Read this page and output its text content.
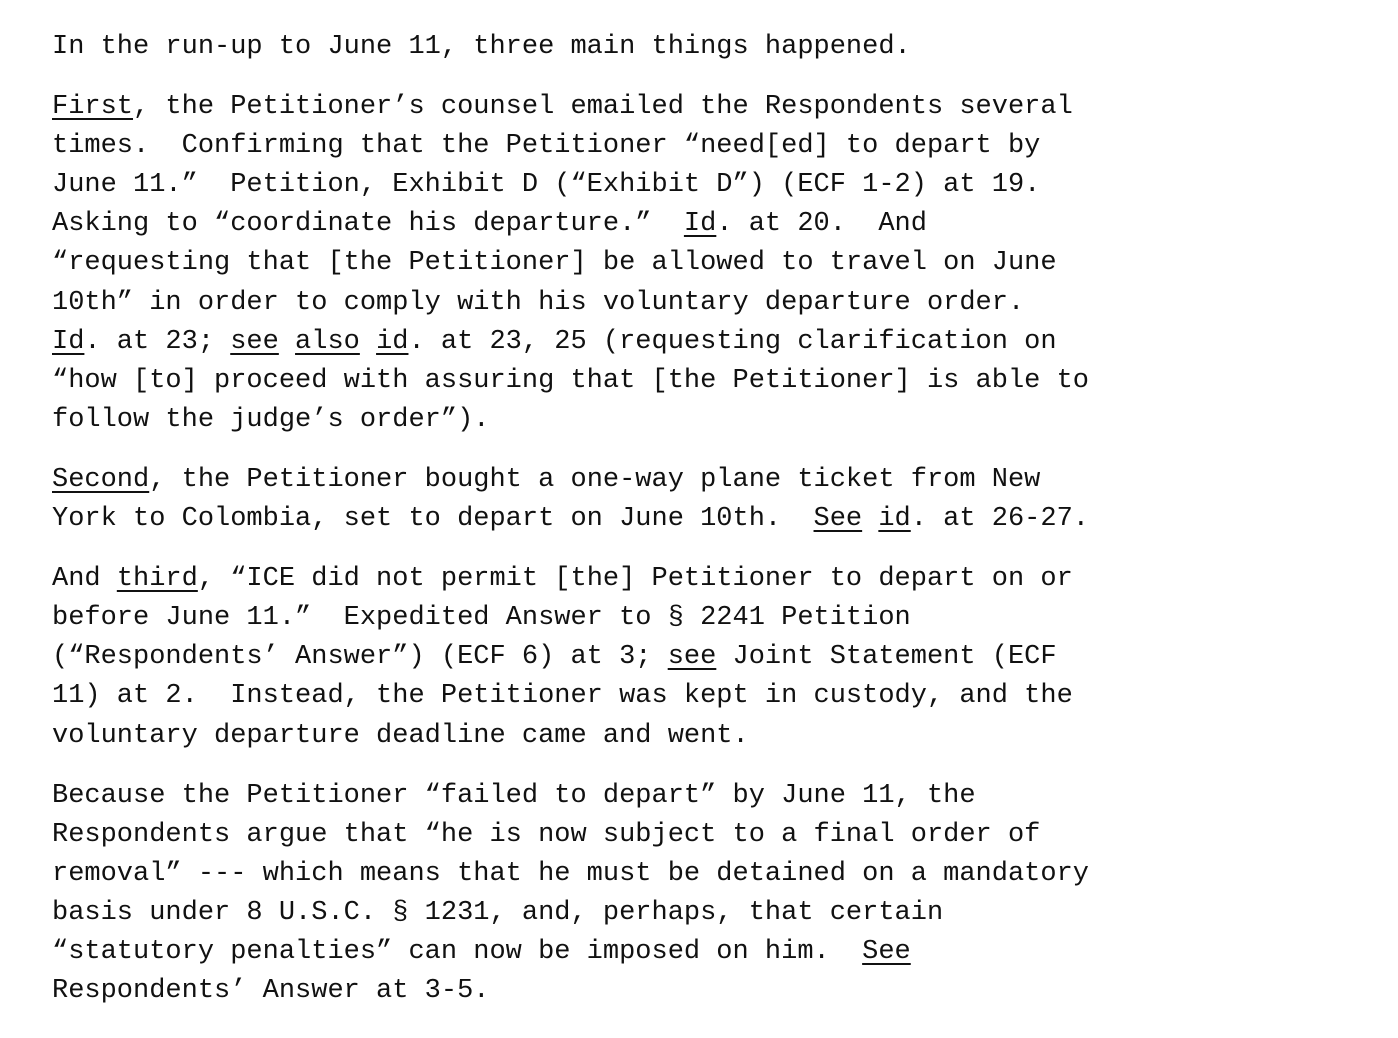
In the run-up to June 11, three main things happened.
First, the Petitioner’s counsel emailed the Respondents several
times.  Confirming that the Petitioner “need[ed] to depart by
June 11.”  Petition, Exhibit D (“Exhibit D”) (ECF 1-2) at 19.
Asking to “coordinate his departure.”  Id. at 20.  And
“requesting that [the Petitioner] be allowed to travel on June
10th” in order to comply with his voluntary departure order.
Id. at 23; see also id. at 23, 25 (requesting clarification on
“how [to] proceed with assuring that [the Petitioner] is able to
follow the judge’s order”).
Second, the Petitioner bought a one-way plane ticket from New
York to Colombia, set to depart on June 10th.  See id. at 26-27.
And third, “ICE did not permit [the] Petitioner to depart on or
before June 11.”  Expedited Answer to § 2241 Petition
(“Respondents’ Answer”) (ECF 6) at 3; see Joint Statement (ECF
11) at 2.  Instead, the Petitioner was kept in custody, and the
voluntary departure deadline came and went.
Because the Petitioner “failed to depart” by June 11, the
Respondents argue that “he is now subject to a final order of
removal” --- which means that he must be detained on a mandatory
basis under 8 U.S.C. § 1231, and, perhaps, that certain
“statutory penalties” can now be imposed on him.  See
Respondents’ Answer at 3-5.
